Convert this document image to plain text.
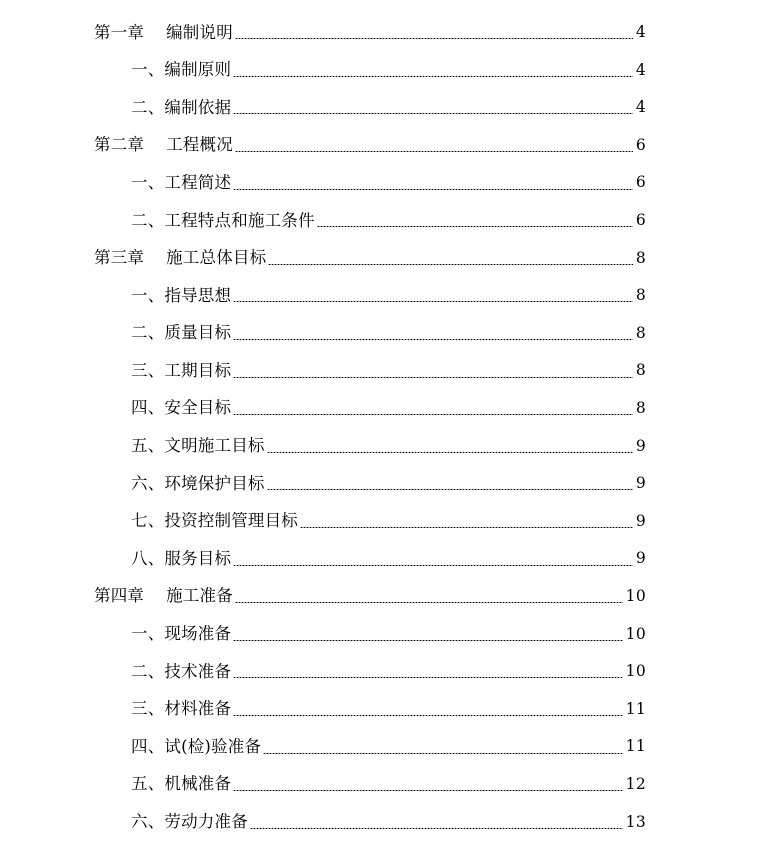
第一章 编制说明	4
一、编制原则	4
二、编制依据	4
第二章 工程概况	6
一、工程简述	6
二、工程特点和施工条件	6
第三章 施工总体目标	8
一、指导思想	8
二、质量目标	8
三、工期目标	8
四、安全目标	8
五、文明施工目标	9
六、环境保护目标	9
七、投资控制管理目标	9
八、服务目标	9
第四章 施工准备	10
一、现场准备	10
二、技术准备	10
三、材料准备	11
四、试(检)验准备	11
五、机械准备	12
六、劳动力准备	13
